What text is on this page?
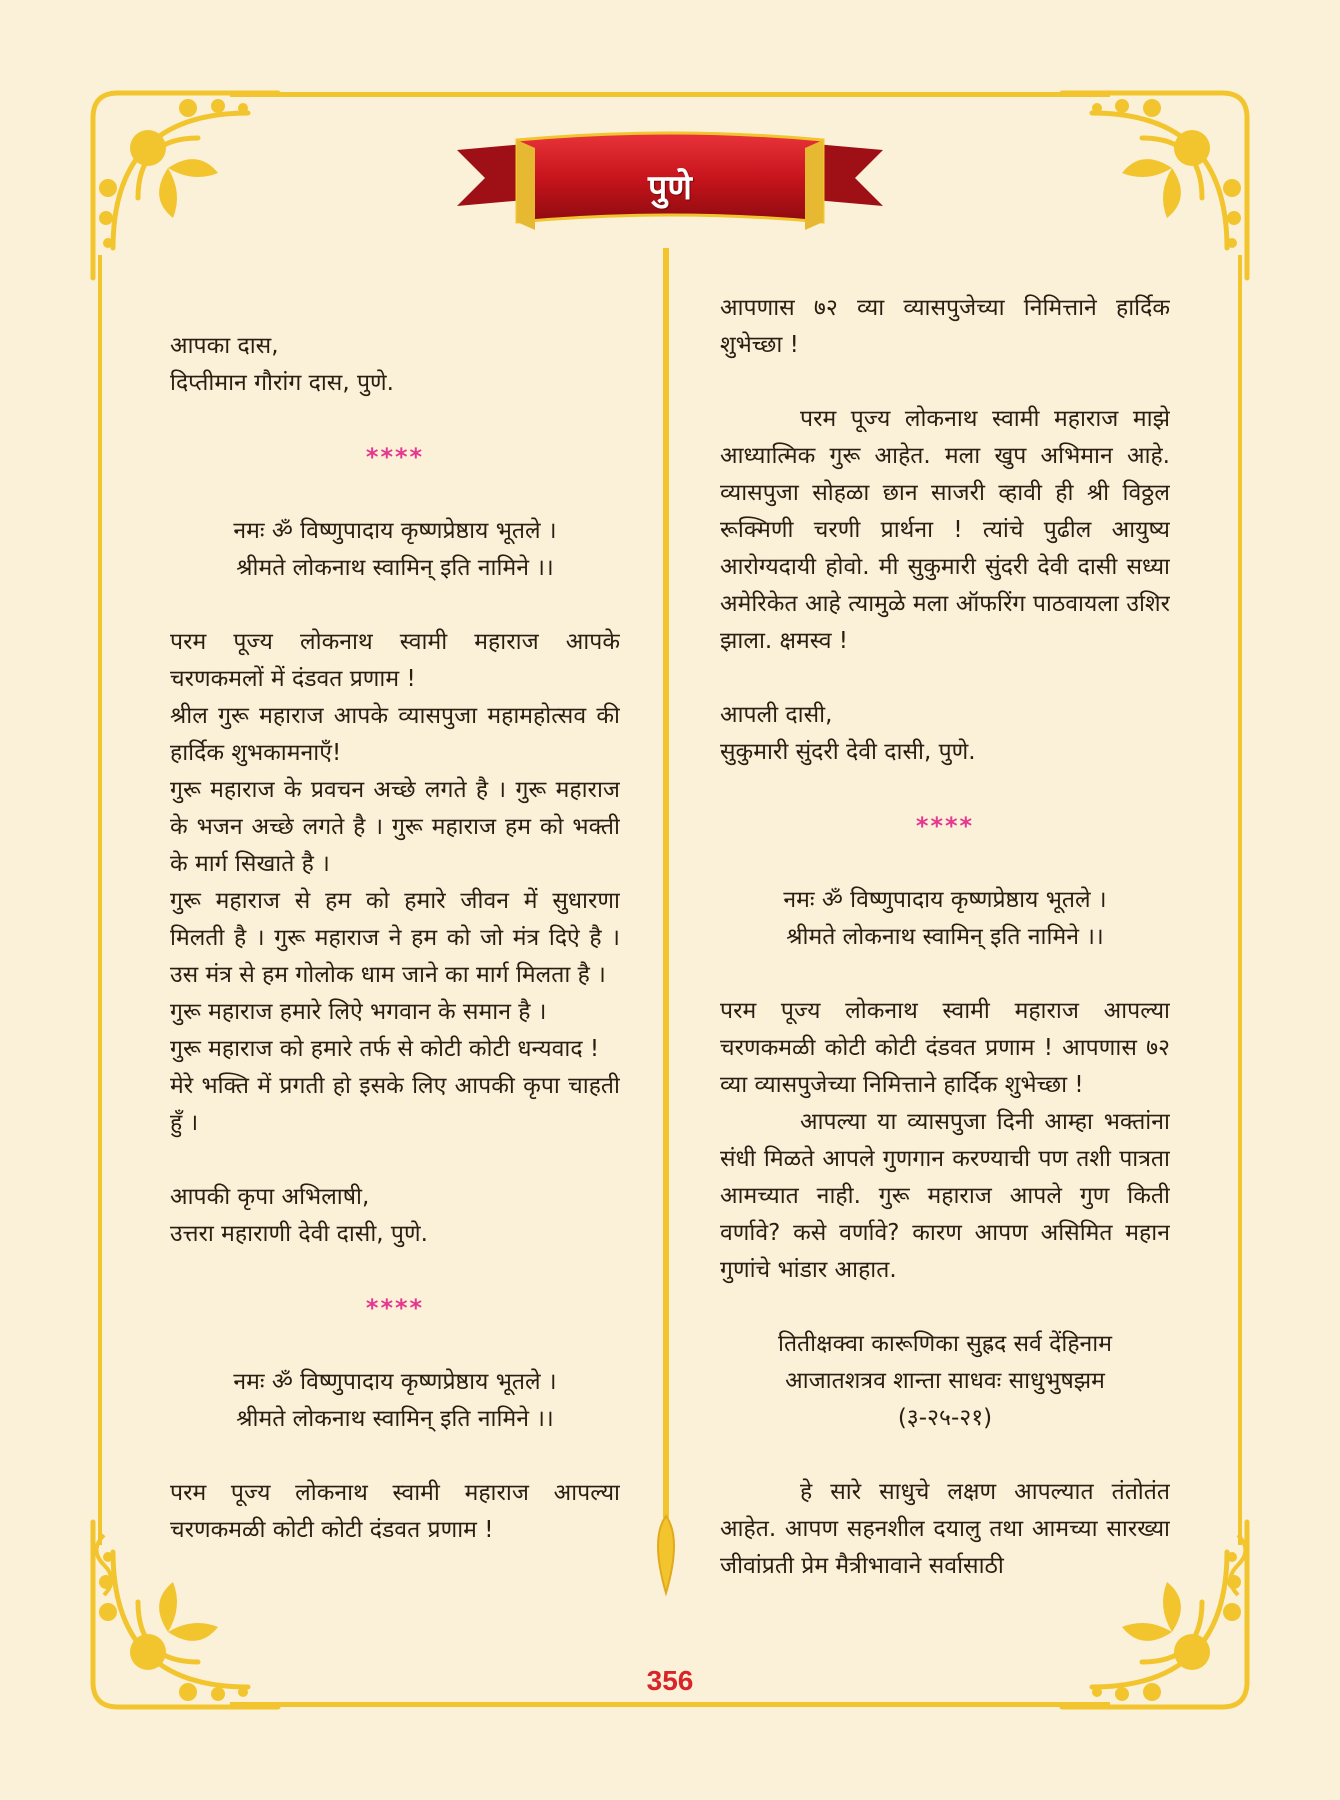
पुणे

आपका दास,

दिप्तीमान गौरांग दास, पुणे.

****

नमः ॐ विष्णुपादाय कृष्णप्रेष्ठाय भूतले ।

श्रीमते लोकनाथ स्वामिन् इति नामिने ।।

परम पूज्य लोकनाथ स्वामी महाराज आपके चरणकमलों में दंडवत प्रणाम !

श्रील गुरू महाराज आपके व्यासपुजा महामहोत्सव की हार्दिक शुभकामनाएँ!

गुरू महाराज के प्रवचन अच्छे लगते है । गुरू महाराज के भजन अच्छे लगते है । गुरू महाराज हम को भक्ती के मार्ग सिखाते है ।

गुरू महाराज से हम को हमारे जीवन में सुधारणा मिलती है । गुरू महाराज ने हम को जो मंत्र दिऐ है । उस मंत्र से हम गोलोक धाम जाने का मार्ग मिलता है ।

गुरू महाराज हमारे लिऐ भगवान के समान है ।

गुरू महाराज को हमारे तर्फ से कोटी कोटी धन्यवाद !

मेरे भक्ति में प्रगती हो इसके लिए आपकी कृपा चाहती हुँ ।

आपकी कृपा अभिलाषी,

उत्तरा महाराणी देवी दासी, पुणे.

****

नमः ॐ विष्णुपादाय कृष्णप्रेष्ठाय भूतले ।

श्रीमते लोकनाथ स्वामिन् इति नामिने ।।

परम पूज्य लोकनाथ स्वामी महाराज आपल्या चरणकमळी कोटी कोटी दंडवत प्रणाम !

आपणास ७२ व्या व्यासपुजेच्या निमित्ताने हार्दिक शुभेच्छा !

परम पूज्य लोकनाथ स्वामी महाराज माझे आध्यात्मिक गुरू आहेत. मला खुप अभिमान आहे. व्यासपुजा सोहळा छान साजरी व्हावी ही श्री विठ्ठल रूक्मिणी चरणी प्रार्थना ! त्यांचे पुढील आयुष्य आरोग्यदायी होवो. मी सुकुमारी सुंदरी देवी दासी सध्या अमेरिकेत आहे त्यामुळे मला ऑफरिंग पाठवायला उशिर झाला. क्षमस्व !

आपली दासी,

सुकुमारी सुंदरी देवी दासी, पुणे.

****

नमः ॐ विष्णुपादाय कृष्णप्रेष्ठाय भूतले ।

श्रीमते लोकनाथ स्वामिन् इति नामिने ।।

परम पूज्य लोकनाथ स्वामी महाराज आपल्या चरणकमळी कोटी कोटी दंडवत प्रणाम ! आपणास ७२ व्या व्यासपुजेच्या निमित्ताने हार्दिक शुभेच्छा !

आपल्या या व्यासपुजा दिनी आम्हा भक्तांना संधी मिळते आपले गुणगान करण्याची पण तशी पात्रता आमच्यात नाही. गुरू महाराज आपले गुण किती वर्णावे? कसे वर्णावे? कारण आपण असिमित महान गुणांचे भांडार आहात.

तितीक्षक्वा कारूणिका सुह्रद सर्व देंहिनाम

आजातशत्रव शान्ता साधवः साधुभुषझम

(३-२५-२१)

हे सारे साधुचे लक्षण आपल्यात तंतोतंत आहेत. आपण सहनशील दयालु तथा आमच्या सारख्या जीवांप्रती प्रेम मैत्रीभावाने सर्वासाठी

356
